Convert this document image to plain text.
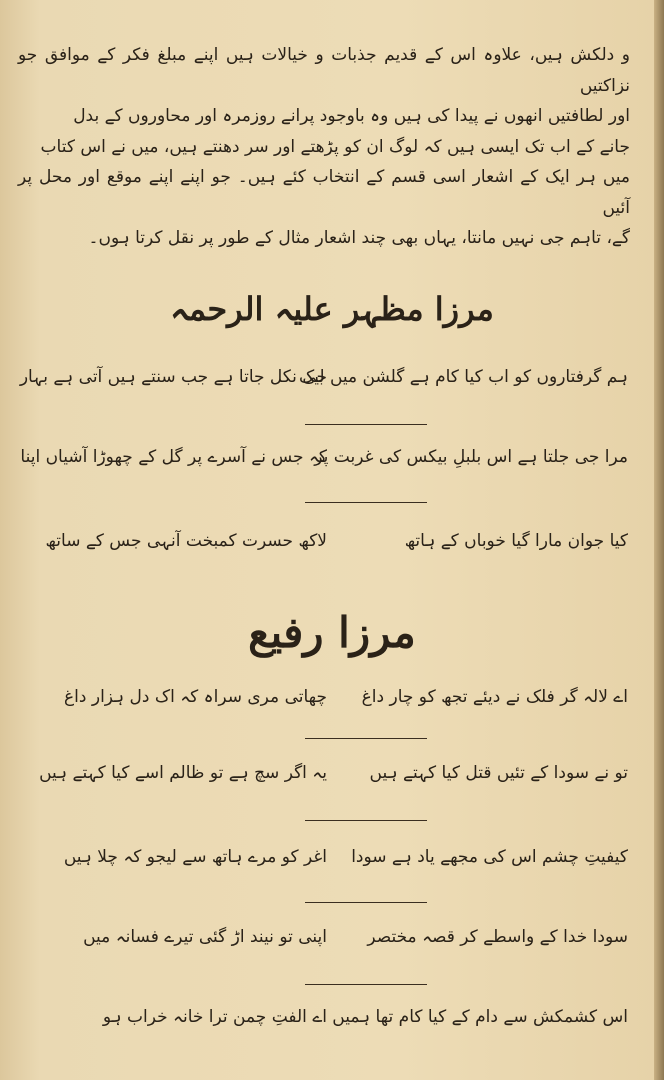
و دلکش ہیں، علاوہ اس کے قدیم جذبات و خیالات ہیں اپنے مبلغ فکر کے موافق جو نزاکتیں

اور لطافتیں انھوں نے پیدا کی ہیں وہ باوجود پرانے روزمرہ اور محاوروں کے بدل

جانے کے اب تک ایسی ہیں کہ لوگ ان کو پڑھتے اور سر دھنتے ہیں، میں نے اس کتاب

میں ہر ایک کے اشعار اسی قسم کے انتخاب کئے ہیں۔ جو اپنے اپنے موقع اور محل پر آئیں

گے، تاہم جی نہیں مانتا، یہاں بھی چند اشعار مثال کے طور پر نقل کرتا ہوں۔

مرزا مظہر علیہ الرحمہ
ہم گرفتاروں کو اب کیا کام ہے گلشن میں لیک
جی نکل جاتا ہے جب سنتے ہیں آتی ہے بہار
مرا جی جلتا ہے اس بلبلِ بیکس کی غربت پر
کہ جس نے آسرے پر گل کے چھوڑا آشیاں اپنا
کیا جوان مارا گیا خوباں کے ہاتھ
لاکھ حسرت کمبخت آنہی جس کے ساتھ
مرزا رفیع
اے لالہ گر فلک نے دیئے تجھ کو چار داغ
چھاتی مری سراہ کہ اک دل ہزار داغ
تو نے سودا کے تئیں قتل کیا کہتے ہیں
یہ اگر سچ ہے تو ظالم اسے کیا کہتے ہیں
کیفیتِ چشم اس کی مجھے یاد ہے سودا
اغر کو مرے ہاتھ سے لیجو کہ چلا ہیں
سودا خدا کے واسطے کر قصہ مختصر
اپنی تو نیند اڑ گئی تیرے فسانہ میں
اس کشمکش سے دام کے کیا کام تھا ہمیں
اے الفتِ چمن ترا خانہ خراب ہو
